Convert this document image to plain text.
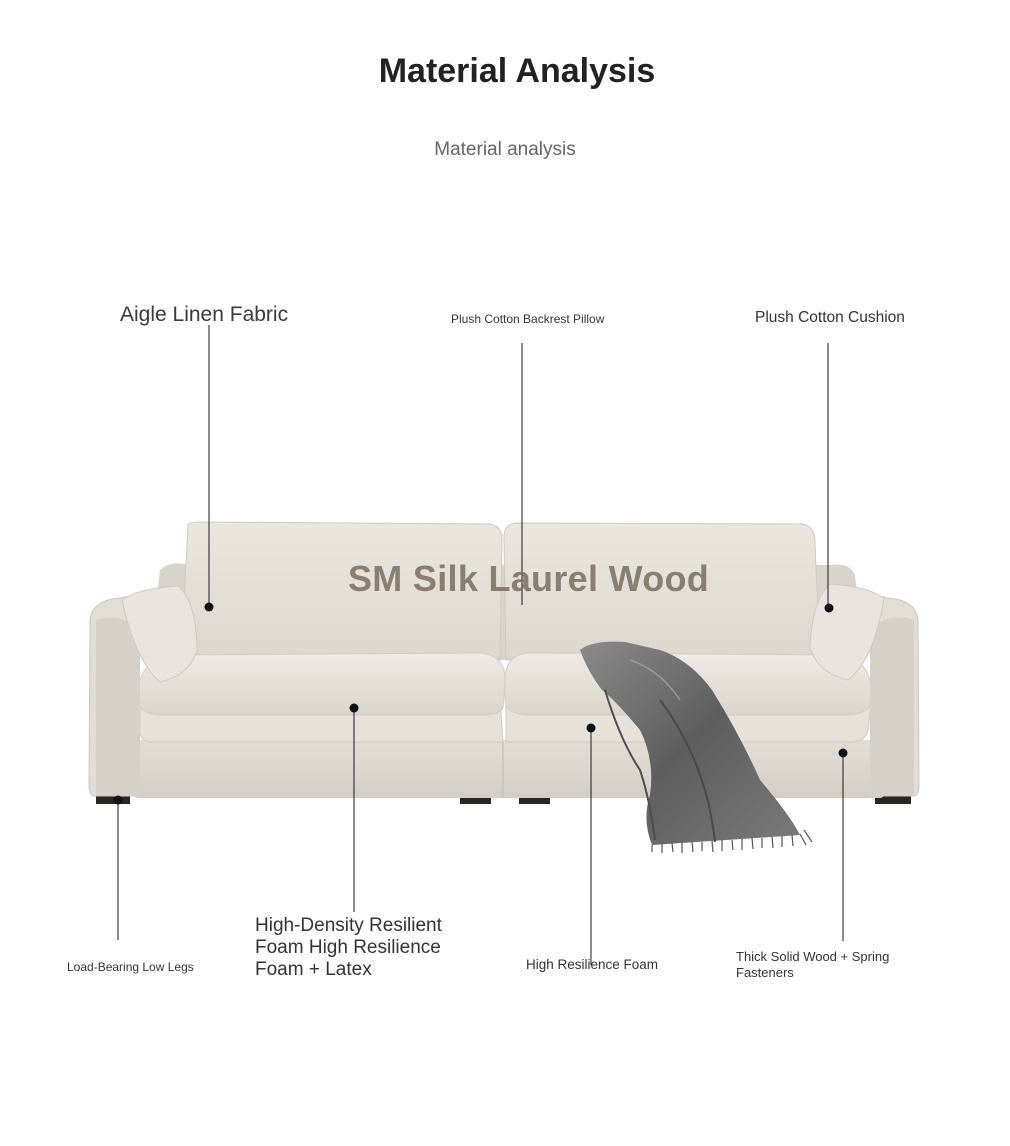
Material Analysis
Material analysis
SM Silk Laurel Wood
Aigle Linen Fabric	Plush Cotton Backrest Pillow	Plush Cotton Cushion
Load-Bearing Low Legs
High-Density Resilient Foam High Resilience Foam + Latex	High Resilience Foam
Thick Solid Wood + Spring Fasteners
